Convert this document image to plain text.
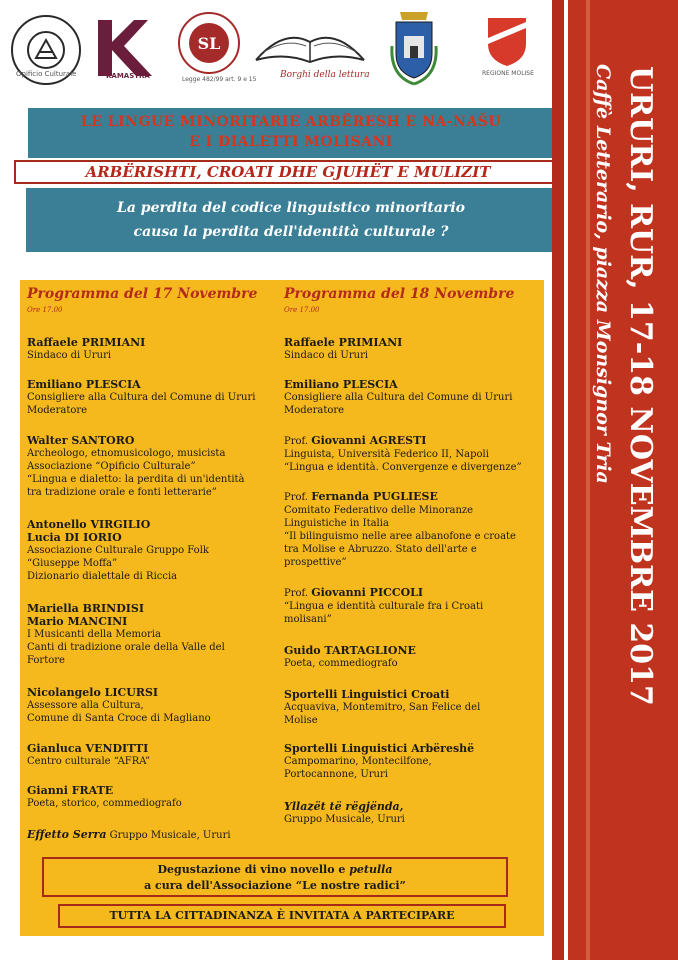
Opificio Culturale	KAMASTRA
SL
Legge 482/99 art. 9 e 15	Borghi della lettura	REGIONE MOLISE
LE LINGUE MINORITARIE ARBËRESH E NA-NAŠU
E I DIALETTI MOLISANI
ARBËRISHTI, CROATI DHE GJUHËT E MULIZIT
La perdita del codice linguistico minoritario
causa la perdita dell'identità culturale ?	URURI, RUR, 17-18 NOVEMBRE 2017
Caffè Letterario, piazza Monsignor Tria
Programma del 17 Novembre
Ore 17.00
Raffaele PRIMIANI
Sindaco di Ururi
Emiliano PLESCIA
Consigliere alla Cultura del Comune di Ururi
Moderatore
Walter SANTORO
Archeologo, etnomusicologo, musicista
Associazione “Opificio Culturale”
“Lingua e dialetto: la perdita di un'identità
tra tradizione orale e fonti letterarie”
Antonello VIRGILIO
Lucia DI IORIO
Associazione Culturale Gruppo Folk
“Giuseppe Moffa”
Dizionario dialettale di Riccia
Mariella BRINDISI
Mario MANCINI
I Musicanti della Memoria
Canti di tradizione orale della Valle del
Fortore
Nicolangelo LICURSI
Assessore alla Cultura,
Comune di Santa Croce di Magliano
Gianluca VENDITTI
Centro culturale “AFRA”
Gianni FRATE
Poeta, storico, commediografo
Effetto Serra Gruppo Musicale, Ururi
Programma del 18 Novembre
Ore 17.00
Raffaele PRIMIANI
Sindaco di Ururi
Emiliano PLESCIA
Consigliere alla Cultura del Comune di Ururi
Moderatore
Prof. Giovanni AGRESTI
Linguista, Università Federico II, Napoli
“Lingua e identità. Convergenze e divergenze”
Prof. Fernanda PUGLIESE
Comitato Federativo delle Minoranze
Linguistiche in Italia
“Il bilinguismo nelle aree albanofone e croate
tra Molise e Abruzzo. Stato dell'arte e
prospettive”
Prof. Giovanni PICCOLI
“Lingua e identità culturale fra i Croati
molisani”
Guido TARTAGLIONE
Poeta, commediografo
Sportelli Linguistici Croati
Acquaviva, Montemitro, San Felice del
Molise
Sportelli Linguistici Arbëreshë
Campomarino, Montecilfone,
Portocannone, Ururi
Yllazët të rëgjënda,
Gruppo Musicale, Ururi
Degustazione di vino novello e petulla
a cura dell'Associazione “Le nostre radici”
TUTTA LA CITTADINANZA È INVITATA A PARTECIPARE
